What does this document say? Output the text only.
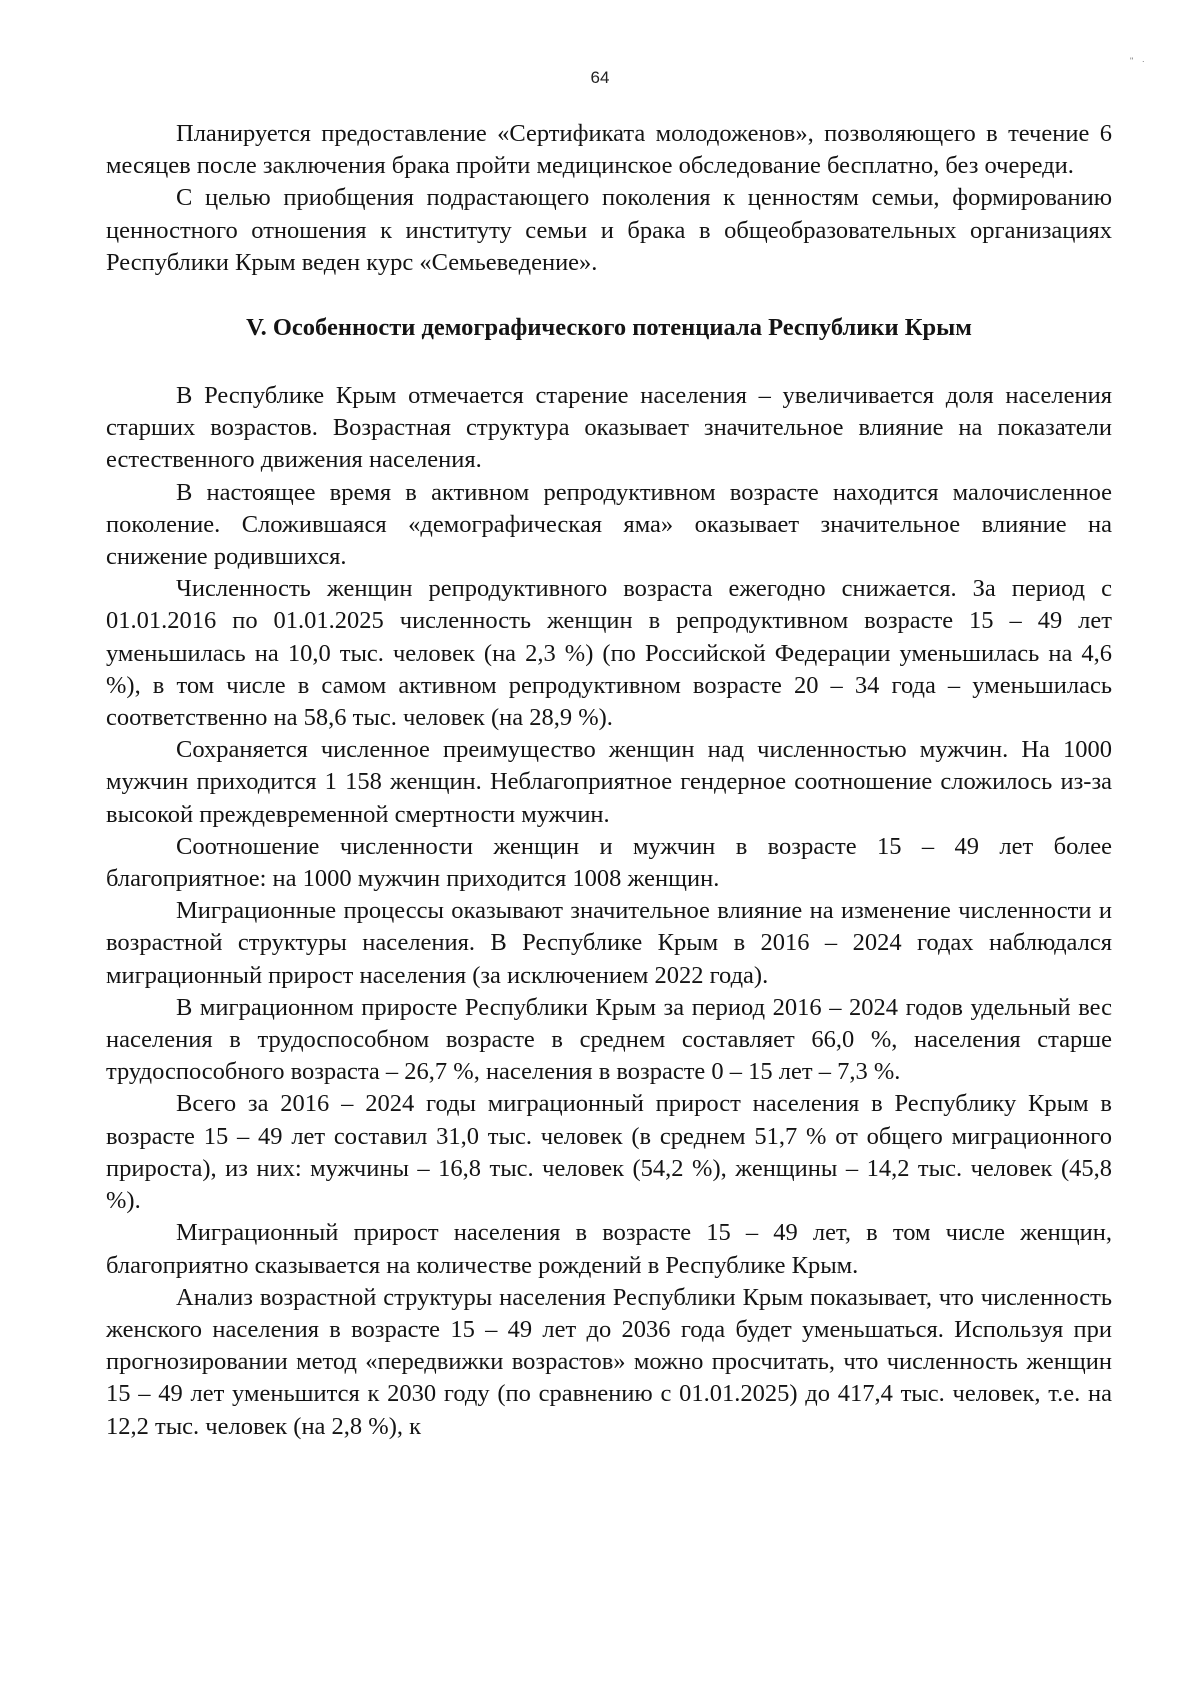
" ·
64

Планируется предоставление «Сертификата молодоженов», позволяющего в течение 6 месяцев после заключения брака пройти медицинское обследование бесплатно, без очереди.

С целью приобщения подрастающего поколения к ценностям семьи, формированию ценностного отношения к институту семьи и брака в общеобразовательных организациях Республики Крым веден курс «Семьеведение».

V. Особенности демографического потенциала Республики Крым

В Республике Крым отмечается старение населения – увеличивается доля населения старших возрастов. Возрастная структура оказывает значительное влияние на показатели естественного движения населения.

В настоящее время в активном репродуктивном возрасте находится малочисленное поколение. Сложившаяся «демографическая яма» оказывает значительное влияние на снижение родившихся.

Численность женщин репродуктивного возраста ежегодно снижается. За период с 01.01.2016 по 01.01.2025 численность женщин в репродуктивном возрасте 15 – 49 лет уменьшилась на 10,0 тыс. человек (на 2,3 %) (по Российской Федерации уменьшилась на 4,6 %), в том числе в самом активном репродуктивном возрасте 20 – 34 года – уменьшилась соответственно на 58,6 тыс. человек (на 28,9 %).

Сохраняется численное преимущество женщин над численностью мужчин. На 1000 мужчин приходится 1 158 женщин. Неблагоприятное гендерное соотношение сложилось из-за высокой преждевременной смертности мужчин.

Соотношение численности женщин и мужчин в возрасте 15 – 49 лет более благоприятное: на 1000 мужчин приходится 1008 женщин.

Миграционные процессы оказывают значительное влияние на изменение численности и возрастной структуры населения. В Республике Крым в 2016 – 2024 годах наблюдался миграционный прирост населения (за исключением 2022 года).

В миграционном приросте Республики Крым за период 2016 – 2024 годов удельный вес населения в трудоспособном возрасте в среднем составляет 66,0 %, населения старше трудоспособного возраста – 26,7 %, населения в возрасте 0 – 15 лет – 7,3 %.

Всего за 2016 – 2024 годы миграционный прирост населения в Республику Крым в возрасте 15 – 49 лет составил 31,0 тыс. человек (в среднем 51,7 % от общего миграционного прироста), из них: мужчины – 16,8 тыс. человек (54,2 %), женщины – 14,2 тыс. человек (45,8 %).

Миграционный прирост населения в возрасте 15 – 49 лет, в том числе женщин, благоприятно сказывается на количестве рождений в Республике Крым.

Анализ возрастной структуры населения Республики Крым показывает, что численность женского населения в возрасте 15 – 49 лет до 2036 года будет уменьшаться. Используя при прогнозировании метод «передвижки возрастов» можно просчитать, что численность женщин 15 – 49 лет уменьшится к 2030 году (по сравнению с 01.01.2025) до 417,4 тыс. человек, т.е. на 12,2 тыс. человек (на 2,8 %), к
